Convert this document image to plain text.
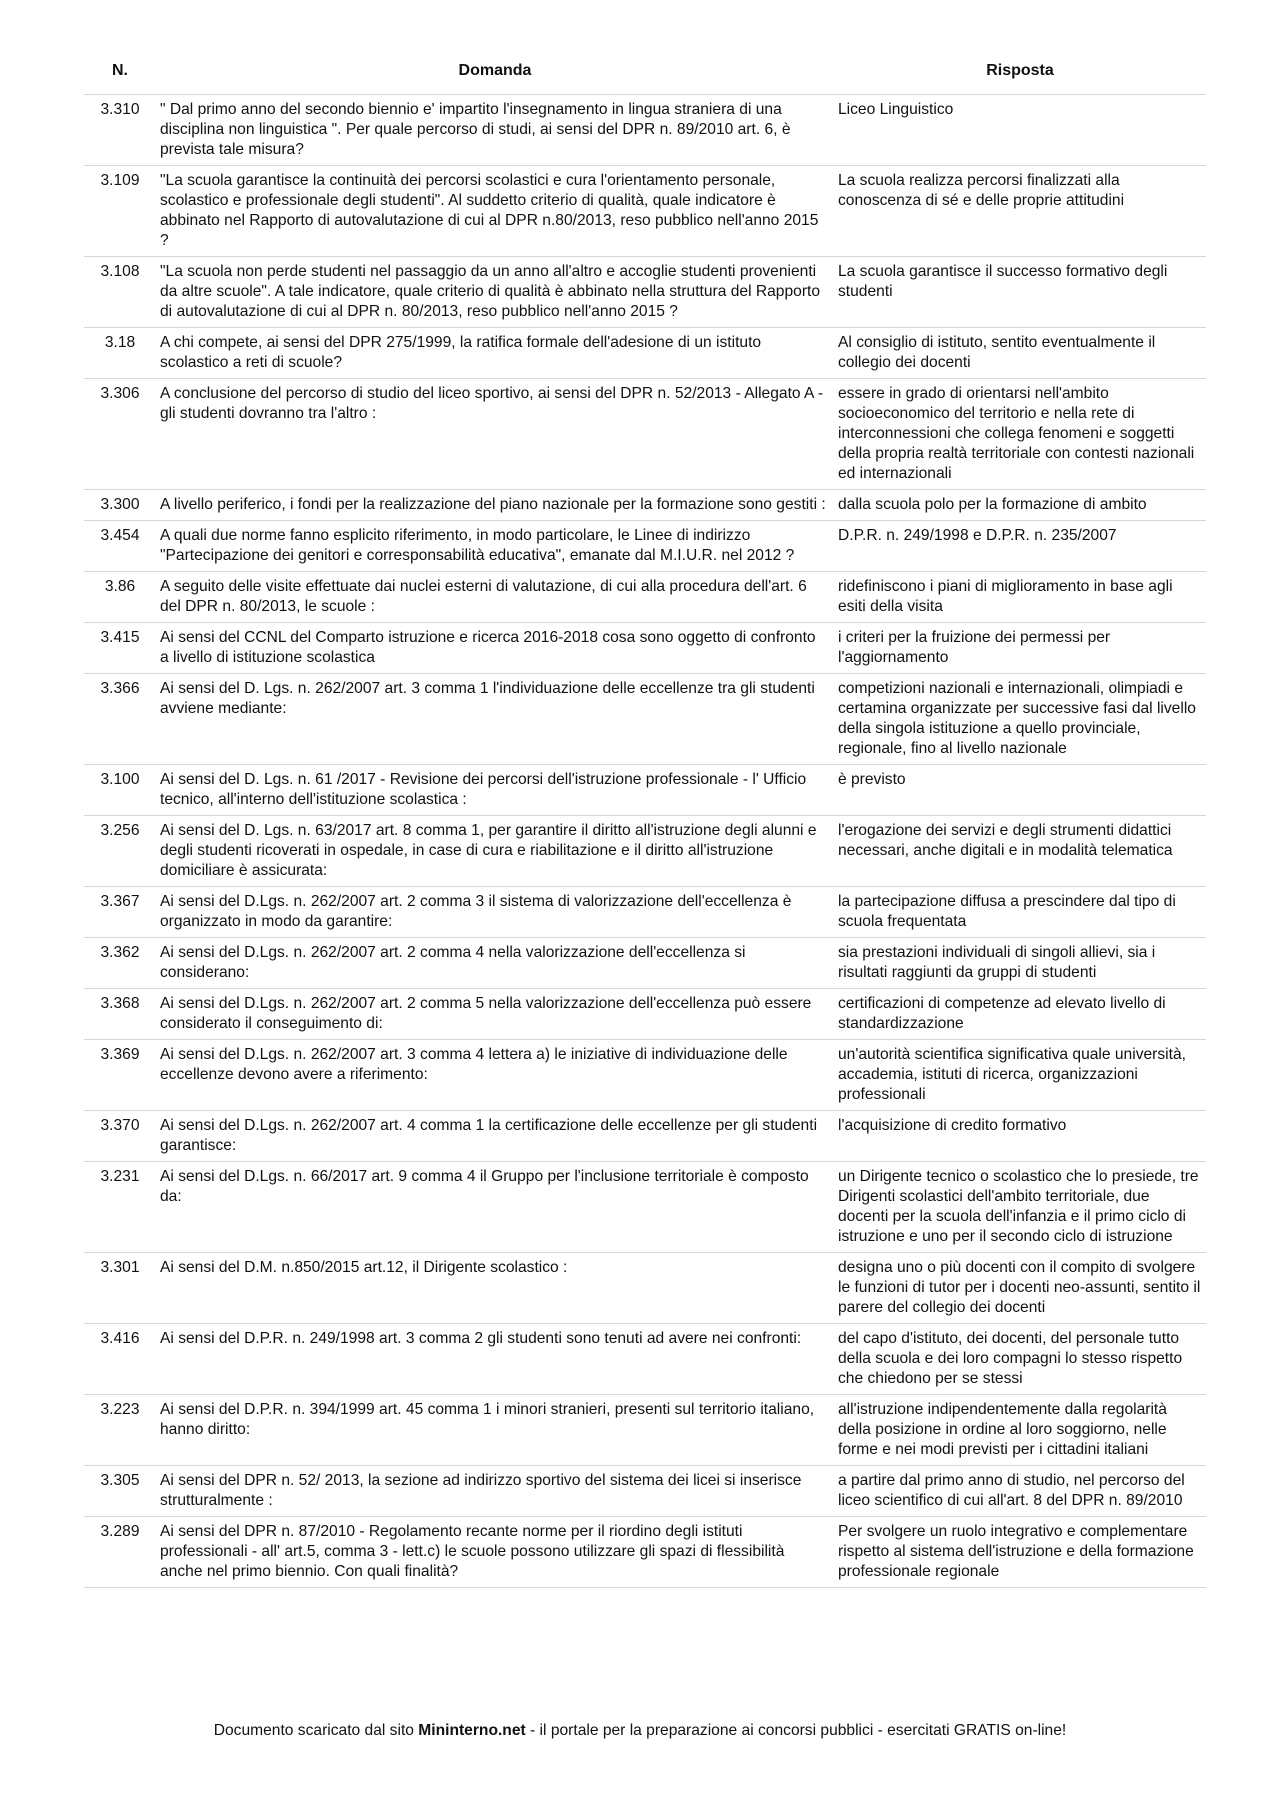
N.	Domanda	Risposta
3.310	" Dal primo anno del secondo biennio e' impartito l'insegnamento in lingua straniera di una disciplina non linguistica ". Per quale percorso di studi, ai sensi del DPR n. 89/2010 art. 6, è prevista tale misura?	Liceo Linguistico
3.109	"La scuola garantisce la continuità dei percorsi scolastici e cura l'orientamento personale, scolastico e professionale degli studenti". Al suddetto criterio di qualità, quale indicatore è abbinato nel Rapporto di autovalutazione di cui al DPR n.80/2013, reso pubblico nell'anno 2015 ?	La scuola realizza percorsi finalizzati alla conoscenza di sé e delle proprie attitudini
3.108	"La scuola non perde studenti nel passaggio da un anno all'altro e accoglie studenti provenienti da altre scuole". A tale indicatore, quale criterio di qualità è abbinato nella struttura del Rapporto di autovalutazione di cui al DPR n. 80/2013, reso pubblico nell'anno 2015 ?	La scuola garantisce il successo formativo degli studenti
3.18	A chi compete, ai sensi del DPR 275/1999, la ratifica formale dell'adesione di un istituto scolastico a reti di scuole?	Al consiglio di istituto, sentito eventualmente il collegio dei docenti
3.306	A conclusione del percorso di studio del liceo sportivo, ai sensi del DPR n. 52/2013 - Allegato A - gli studenti dovranno tra l'altro :	essere in grado di orientarsi nell'ambito socioeconomico del territorio e nella rete di interconnessioni che collega fenomeni e soggetti della propria realtà territoriale con contesti nazionali ed internazionali
3.300	A livello periferico, i fondi per la realizzazione del piano nazionale per la formazione sono gestiti :	dalla scuola polo per la formazione di ambito
3.454	A quali due norme fanno esplicito riferimento, in modo particolare, le Linee di indirizzo "Partecipazione dei genitori e corresponsabilità educativa", emanate dal M.I.U.R. nel 2012 ?	D.P.R. n. 249/1998 e D.P.R. n. 235/2007
3.86	A seguito delle visite effettuate dai nuclei esterni di valutazione, di cui alla procedura dell'art. 6 del DPR n. 80/2013, le scuole :	ridefiniscono i piani di miglioramento in base agli esiti della visita
3.415	Ai sensi del CCNL del Comparto istruzione e ricerca 2016-2018 cosa sono oggetto di confronto a livello di istituzione scolastica	i criteri per la fruizione dei permessi per l'aggiornamento
3.366	Ai sensi del D. Lgs. n. 262/2007 art. 3 comma 1 l'individuazione delle eccellenze tra gli studenti avviene mediante:	competizioni nazionali e internazionali, olimpiadi e certamina organizzate per successive fasi dal livello della singola istituzione a quello provinciale, regionale, fino al livello nazionale
3.100	Ai sensi del D. Lgs. n. 61 /2017 - Revisione dei percorsi dell'istruzione professionale - l' Ufficio tecnico, all'interno dell'istituzione scolastica :	è previsto
3.256	Ai sensi del D. Lgs. n. 63/2017 art. 8 comma 1, per garantire il diritto all'istruzione degli alunni e degli studenti ricoverati in ospedale, in case di cura e riabilitazione e il diritto all'istruzione domiciliare è assicurata:	l'erogazione dei servizi e degli strumenti didattici necessari, anche digitali e in modalità telematica
3.367	Ai sensi del D.Lgs. n. 262/2007 art. 2 comma 3 il sistema di valorizzazione dell'eccellenza è organizzato in modo da garantire:	la partecipazione diffusa a prescindere dal tipo di scuola frequentata
3.362	Ai sensi del D.Lgs. n. 262/2007 art. 2 comma 4 nella valorizzazione dell'eccellenza si considerano:	sia prestazioni individuali di singoli allievi, sia i risultati raggiunti da gruppi di studenti
3.368	Ai sensi del D.Lgs. n. 262/2007 art. 2 comma 5 nella valorizzazione dell'eccellenza può essere considerato il conseguimento di:	certificazioni di competenze ad elevato livello di standardizzazione
3.369	Ai sensi del D.Lgs. n. 262/2007 art. 3 comma 4 lettera a) le iniziative di individuazione delle eccellenze devono avere a riferimento:	un'autorità scientifica significativa quale università, accademia, istituti di ricerca, organizzazioni professionali
3.370	Ai sensi del D.Lgs. n. 262/2007 art. 4 comma 1 la certificazione delle eccellenze per gli studenti garantisce:	l'acquisizione di credito formativo
3.231	Ai sensi del D.Lgs. n. 66/2017 art. 9 comma 4 il Gruppo per l'inclusione territoriale è composto da:	un Dirigente tecnico o scolastico che lo presiede, tre Dirigenti scolastici dell'ambito territoriale, due docenti per la scuola dell'infanzia e il primo ciclo di istruzione e uno per il secondo ciclo di istruzione
3.301	Ai sensi del D.M. n.850/2015 art.12, il Dirigente scolastico :	designa uno o più docenti con il compito di svolgere le funzioni di tutor per i docenti neo-assunti, sentito il parere del collegio dei docenti
3.416	Ai sensi del D.P.R. n. 249/1998 art. 3 comma 2 gli studenti sono tenuti ad avere nei confronti:	del capo d'istituto, dei docenti, del personale tutto della scuola e dei loro compagni lo stesso rispetto che chiedono per se stessi
3.223	Ai sensi del D.P.R. n. 394/1999 art. 45 comma 1 i minori stranieri, presenti sul territorio italiano, hanno diritto:	all'istruzione indipendentemente dalla regolarità della posizione in ordine al loro soggiorno, nelle forme e nei modi previsti per i cittadini italiani
3.305	Ai sensi del DPR n. 52/ 2013, la sezione ad indirizzo sportivo del sistema dei licei si inserisce strutturalmente :	a partire dal primo anno di studio, nel percorso del liceo scientifico di cui all'art. 8 del DPR n. 89/2010
3.289	Ai sensi del DPR n. 87/2010 - Regolamento recante norme per il riordino degli istituti professionali - all' art.5, comma 3 - lett.c) le scuole possono utilizzare gli spazi di flessibilità anche nel primo biennio. Con quali finalità?	Per svolgere un ruolo integrativo e complementare rispetto al sistema dell'istruzione e della formazione professionale regionale
Documento scaricato dal sito Mininterno.net - il portale per la preparazione ai concorsi pubblici - esercitati GRATIS on-line!
